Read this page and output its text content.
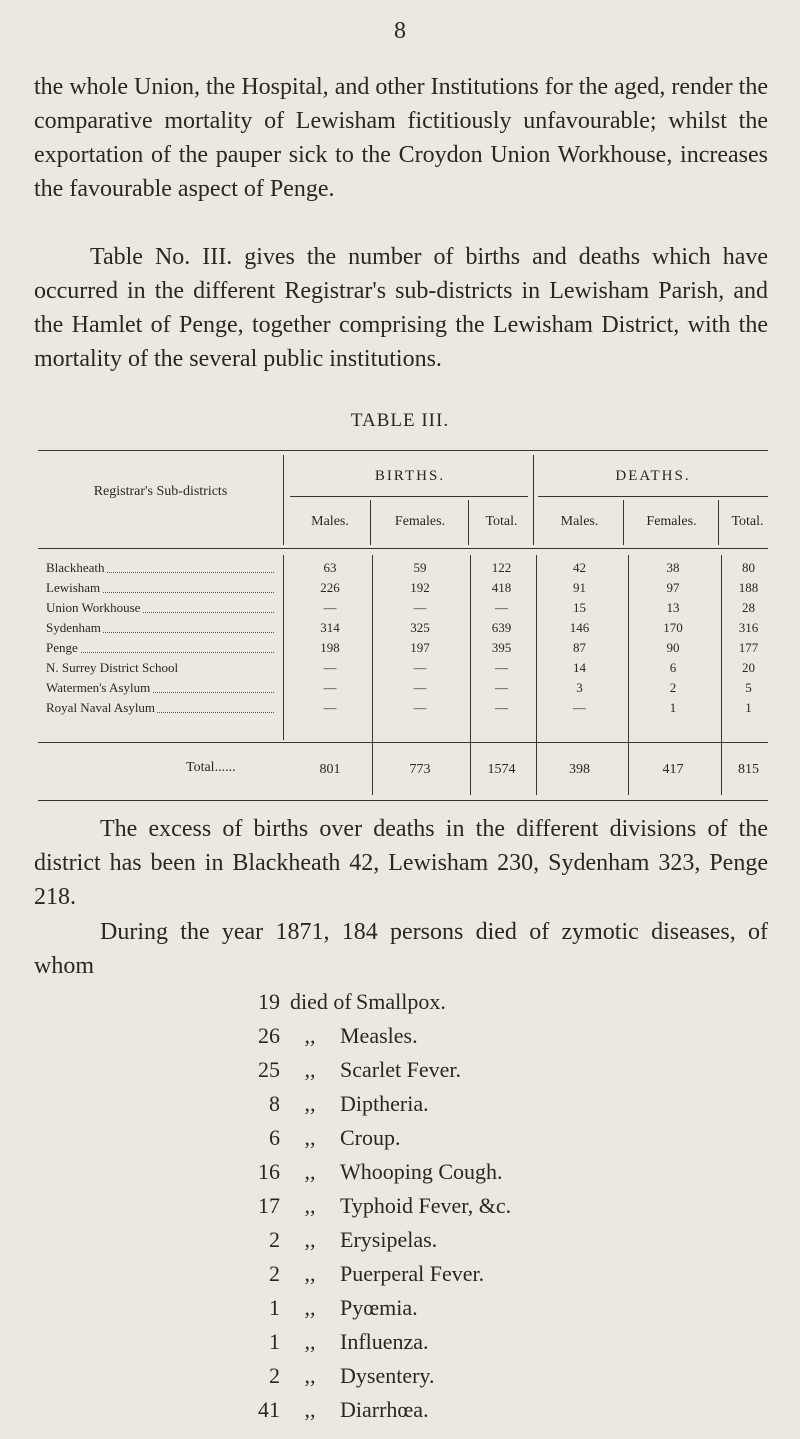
8

the whole Union, the Hospital, and other Institutions for the aged, render the comparative mortality of Lewisham fictitiously unfavourable; whilst the exportation of the pauper sick to the Croydon Union Workhouse, increases the favourable aspect of Penge.

Table No. III. gives the number of births and deaths which have occurred in the different Registrar's sub-districts in Lewisham Parish, and the Hamlet of Penge, together comprising the Lewisham District, with the mortality of the several public institutions.

TABLE III.
Registrar's Sub-districts
BIRTHS.	DEATHS.
Males.	Females.	Total.	Males.	Females.	Total.
Blackheath	63	59	122	42	38	80
Lewisham	226	192	418	91	97	188
Union Workhouse	—	—	—	15	13	28
Sydenham	314	325	639	146	170	316
Penge	198	197	395	87	90	177
N. Surrey District School	—	—	—	14	6	20
Watermen's Asylum	—	—	—	3	2	5
Royal Naval Asylum	—	—	—	—	1	1
Total......	801	773	1574	398	417	815

The excess of births over deaths in the different divisions of the district has been in Blackheath 42, Lewisham 230, Sydenham 323, Penge 218.

During the year 1871, 184 persons died of zymotic diseases, of whom

19 died of Smallpox.
26	,,	Measles.
25	,,	Scarlet Fever.
8	,,	Diptheria.
6	,,	Croup.
16	,,	Whooping Cough.
17	,,	Typhoid Fever, &c.
2	,,	Erysipelas.
2	,,	Puerperal Fever.
1	,,	Pyœmia.
1	,,	Influenza.
2	,,	Dysentery.
41	,,	Diarrhœa.
